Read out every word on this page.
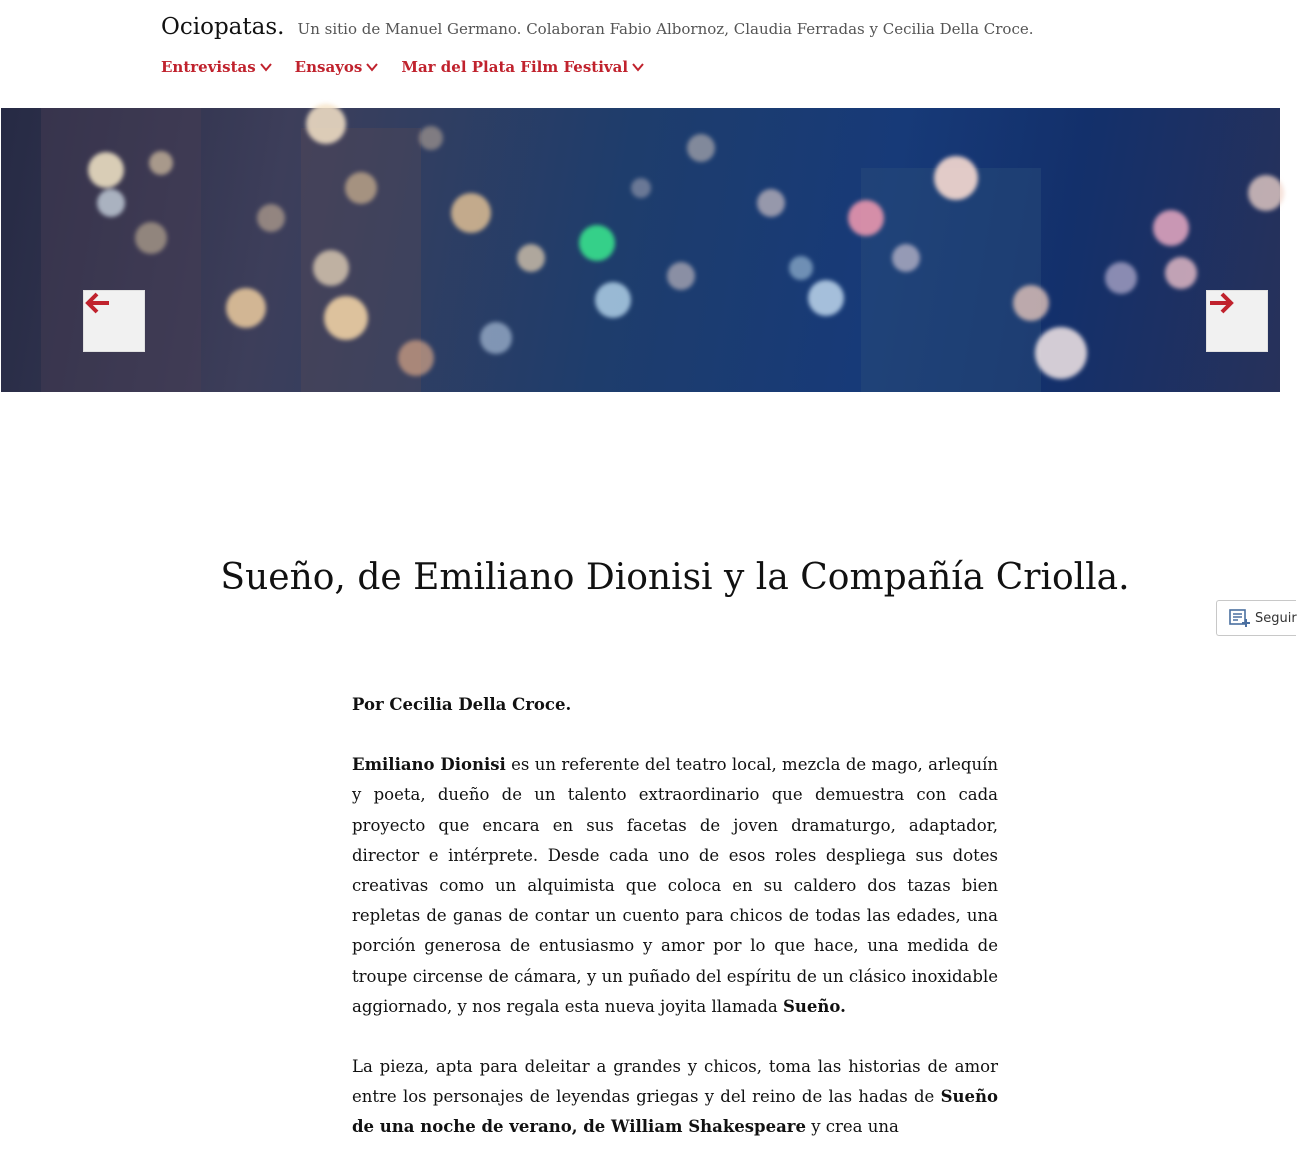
Ociopatas. Un sitio de Manuel Germano. Colaboran Fabio Albornoz, Claudia Ferradas y Cecilia Della Croce.
Entrevistas	Ensayos	Mar del Plata Film Festival
Seguir
Sueño, de Emiliano Dionisi y la Compañía Criolla.

Por Cecilia Della Croce.

Emiliano Dionisi es un referente del teatro local, mezcla de mago, arlequín y poeta, dueño de un talento extraordinario que demuestra con cada proyecto que encara en sus facetas de joven dramaturgo, adaptador, director e intérprete. Desde cada uno de esos roles despliega sus dotes creativas como un alquimista que coloca en su caldero dos tazas bien repletas de ganas de contar un cuento para chicos de todas las edades, una porción generosa de entusiasmo y amor por lo que hace, una medida de troupe circense de cámara, y un puñado del espíritu de un clásico inoxidable aggiornado, y nos regala esta nueva joyita llamada Sueño.

La pieza, apta para deleitar a grandes y chicos, toma las historias de amor entre los personajes de leyendas griegas y del reino de las hadas de Sueño de una noche de verano, de William Shakespeare y crea una
